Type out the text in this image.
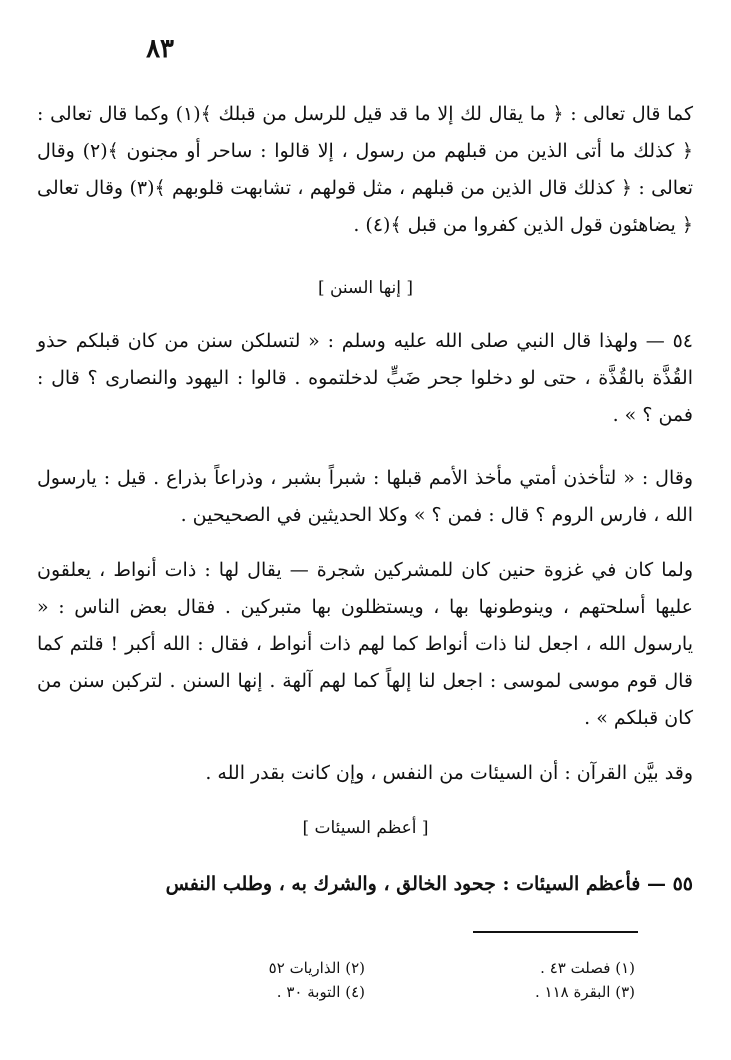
٨٣
كما قال تعالى : ﴿ ما يقال لك إلا ما قد قيل للرسل من قبلك ﴾(١) وكما قال تعالى : ﴿ كذلك ما أتى الذين من قبلهم من رسول ، إلا قالوا : ساحر أو مجنون ﴾(٢) وقال تعالى : ﴿ كذلك قال الذين من قبلهم ، مثل قولهم ، تشابهت قلوبهم ﴾(٣) وقال تعالى ﴿ يضاهئون قول الذين كفروا من قبل ﴾(٤) .
[ إنها السنن ]
٥٤ — ولهذا قال النبي صلى الله عليه وسلم : « لتسلكن سنن من كان قبلكم حذو القُذَّة بالقُذَّة ، حتى لو دخلوا جحر ضَبٍّ لدخلتموه . قالوا : اليهود والنصارى ؟ قال : فمن ؟ » .
وقال : « لتأخذن أمتي مأخذ الأمم قبلها : شبراً بشبر ، وذراعاً بذراع . قيل : يارسول الله ، فارس الروم ؟ قال : فمن ؟ » وكلا الحديثين في الصحيحين .
ولما كان في غزوة حنين كان للمشركين شجرة — يقال لها : ذات أنواط ، يعلقون عليها أسلحتهم ، وينوطونها بها ، ويستظلون بها متبركين . فقال بعض الناس : « يارسول الله ، اجعل لنا ذات أنواط كما لهم ذات أنواط ، فقال : الله أكبر ! قلتم كما قال قوم موسى لموسى : اجعل لنا إلهاً كما لهم آلهة . إنها السنن . لتركبن سنن من كان قبلكم » .
وقد بيَّن القرآن : أن السيئات من النفس ، وإن كانت بقدر الله .
[ أعظم السيئات ]
٥٥ — فأعظم السيئات : جحود الخالق ، والشرك به ، وطلب النفس
(١) فصلت ٤٣ .
(٢) الذاريات ٥٢
(٣) البقرة ١١٨ .
(٤) التوبة ٣٠ .
